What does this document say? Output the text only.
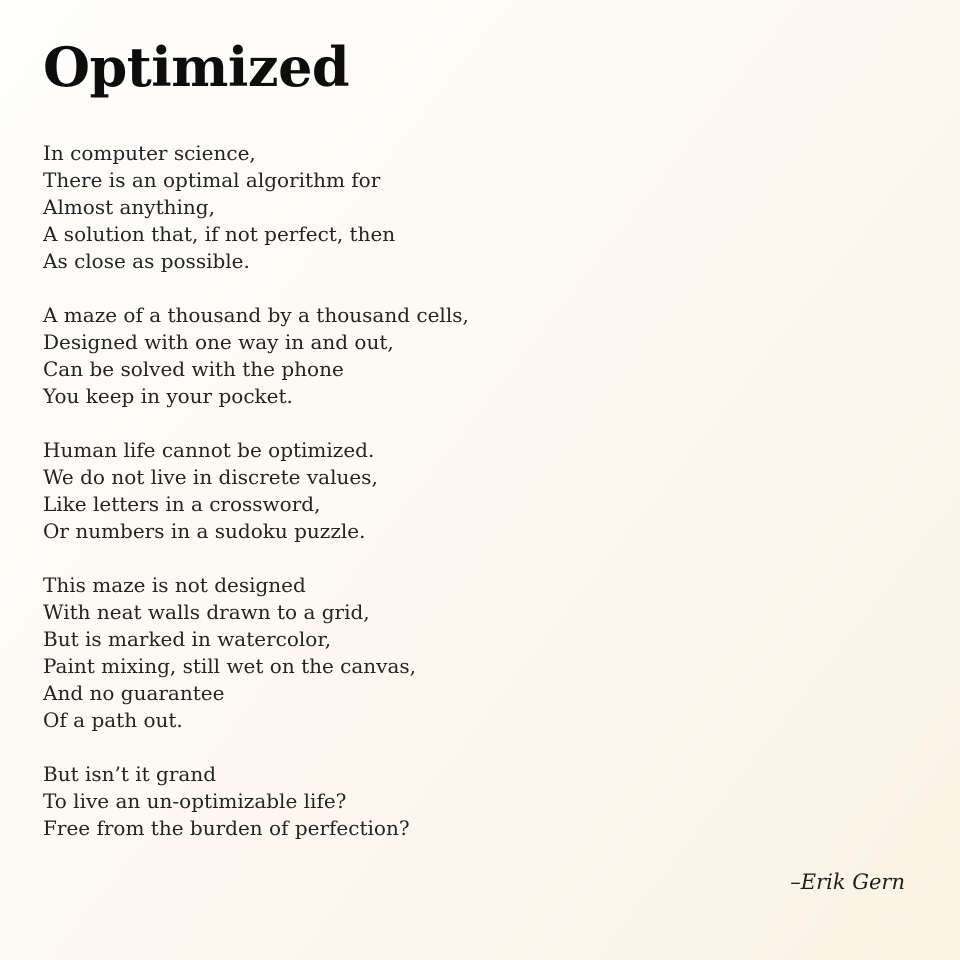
Optimized
In computer science,
There is an optimal algorithm for
Almost anything,
A solution that, if not perfect, then
As close as possible.
A maze of a thousand by a thousand cells,
Designed with one way in and out,
Can be solved with the phone
You keep in your pocket.
Human life cannot be optimized.
We do not live in discrete values,
Like letters in a crossword,
Or numbers in a sudoku puzzle.
This maze is not designed
With neat walls drawn to a grid,
But is marked in watercolor,
Paint mixing, still wet on the canvas,
And no guarantee
Of a path out.
But isn’t it grand
To live an un-optimizable life?
Free from the burden of perfection?
–Erik Gern
